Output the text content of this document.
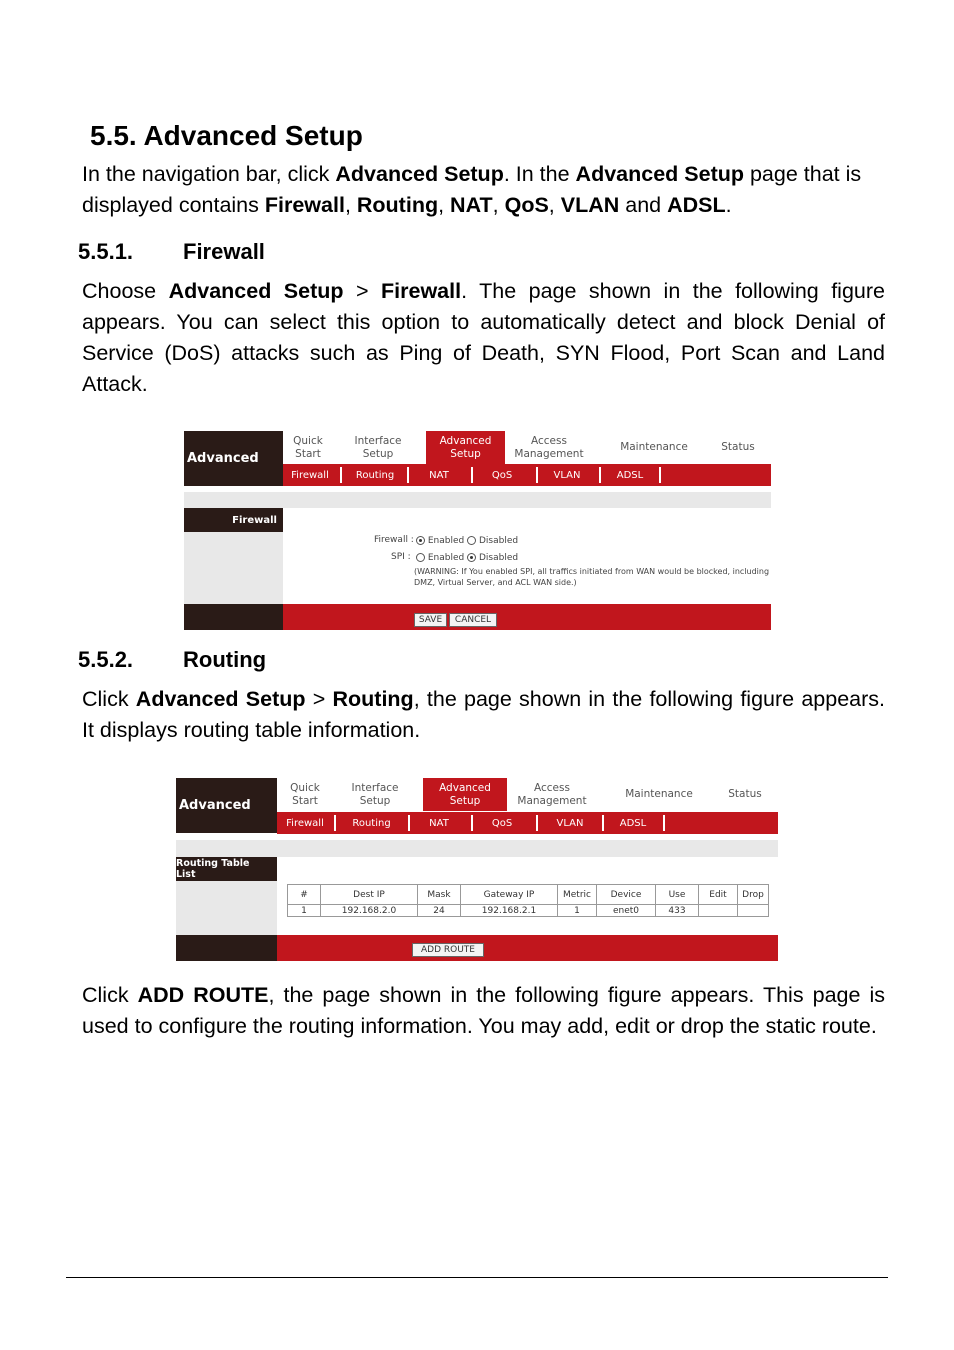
5.5. Advanced Setup
In the navigation bar, click Advanced Setup. In the Advanced Setup page that is displayed contains Firewall, Routing, NAT, QoS, VLAN and ADSL.
5.5.1. Firewall
Choose Advanced Setup > Firewall. The page shown in the following figure appears. You can select this option to automatically detect and block Denial of Service (DoS) attacks such as Ping of Death, SYN Flood, Port Scan and Land Attack.
Advanced
Quick
Start
Interface
Setup
Advanced
Setup
Access
Management
Maintenance	Status
Firewall	Routing	NAT	QoS	VLAN	ADSL
Firewall
Firewall :	Enabled Disabled
SPI :	Enabled Disabled
(WARNING: If You enabled SPI, all traffics initiated from WAN would be blocked, including
DMZ, Virtual Server, and ACL WAN side.)
SAVE	CANCEL
5.5.2. Routing
Click Advanced Setup > Routing, the page shown in the following figure appears. It displays routing table information.
Advanced
Quick
Start
Interface
Setup
Advanced
Setup
Access
Management
Maintenance	Status
Firewall	Routing	NAT	QoS	VLAN	ADSL
Routing Table List
#	Dest IP	Mask	Gateway IP	Metric	Device	Use	Edit	Drop
1	192.168.2.0	24	192.168.2.1	1	enet0	433		
ADD ROUTE
Click ADD ROUTE, the page shown in the following figure appears. This page is used to configure the routing information. You may add, edit or drop the static route.
